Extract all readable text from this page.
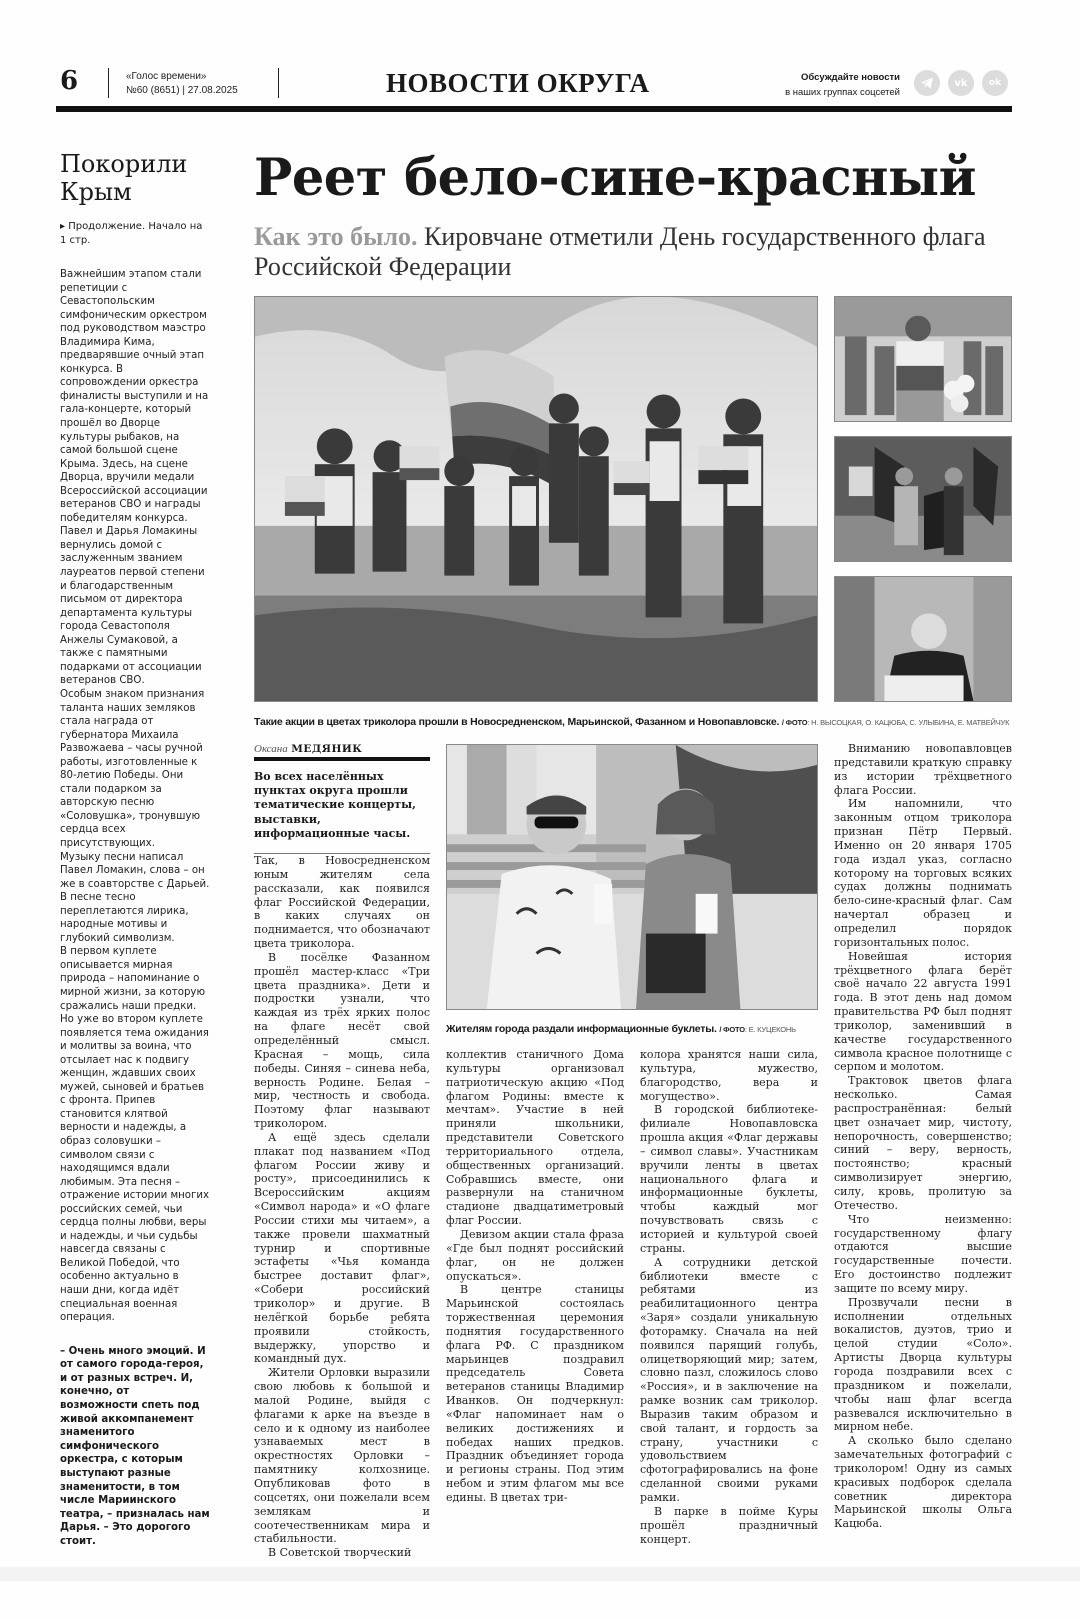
6	«Голос времени»
№60 (8651) | 27.08.2025	НОВОСТИ ОКРУГА	Обсуждайте новости
в наших группах соцсетей
vk	ok
Покорили
Крым
▸ Продолжение. Начало на 1 стр.

Важнейшим этапом стали репетиции с Севастопольским симфоническим оркестром под руководством маэстро Владимира Кима, предварявшие очный этап конкурса. В сопровождении оркестра финалисты выступили и на гала-концерте, который прошёл во Дворце культуры рыбаков, на самой большой сцене Крыма. Здесь, на сцене Дворца, вручили медали Всероссийской ассоциации ветеранов СВО и награды победителям конкурса.

Павел и Дарья Ломакины вернулись домой с заслуженным званием лауреатов первой степени и благодарственным письмом от директора департамента культуры города Севастополя Анжелы Сумаковой, а также с памятными подарками от ассоциации ветеранов СВО.

Особым знаком признания таланта наших земляков стала награда от губернатора Михаила Развожаева – часы ручной работы, изготовленные к 80-летию Победы. Они стали подарком за авторскую песню «Соловушка», тронувшую сердца всех присутствующих.

Музыку песни написал Павел Ломакин, слова – он же в соавторстве с Дарьей. В песне тесно переплетаются лирика, народные мотивы и глубокий символизм.

В первом куплете описывается мирная природа – напоминание о мирной жизни, за которую сражались наши предки. Но уже во втором куплете появляется тема ожидания и молитвы за воина, что отсылает нас к подвигу женщин, ждавших своих мужей, сыновей и братьев с фронта. Припев становится клятвой верности и надежды, а образ соловушки – символом связи с находящимся вдали любимым. Эта песня – отражение истории многих российских семей, чьи сердца полны любви, веры и надежды, и чьи судьбы навсегда связаны с Великой Победой, что особенно актуально в наши дни, когда идёт специальная военная операция.

– Очень много эмоций. И от самого города-героя, и от разных встреч. И, конечно, от возможности спеть под живой аккомпанемент знаменитого симфонического оркестра, с которым выступают разные знаменитости, в том числе Мариинского театра, – призналась нам Дарья. – Это дорогого стоит.
Реет бело-сине-красный
Как это было. Кировчане отметили День государственного флага Российской Федерации
Такие акции в цветах триколора прошли в Новосредненском, Марьинской, Фазанном и Новопавловске. / ФОТО: Н. ВЫСОЦКАЯ, О. КАЦЮБА, С. УЛЫБИНА, Е. МАТВЕЙЧУК
Оксана МЕДЯНИК
Во всех населённых пунктах округа прошли тематические концерты, выставки, информационные часы.

Так, в Новосредненском юным жителям села рассказали, как появился флаг Российской Федерации, в каких случаях он поднимается, что обозначают цвета триколора.

В посёлке Фазанном прошёл мастер-класс «Три цвета праздника». Дети и подростки узнали, что каждая из трёх ярких полос на флаге несёт свой определённый смысл. Красная – мощь, сила победы. Синяя – синева неба, верность Родине. Белая – мир, честность и свобода. Поэтому флаг называют триколором.

А ещё здесь сделали плакат под названием «Под флагом России живу и росту», присоединились к Всероссийским акциям «Символ народа» и «О флаге России стихи мы читаем», а также провели шахматный турнир и спортивные эстафеты «Чья команда быстрее доставит флаг», «Собери российский триколор» и другие. В нелёгкой борьбе ребята проявили стойкость, выдержку, упорство и командный дух.

Жители Орловки выразили свою любовь к большой и малой Родине, выйдя с флагами к арке на въезде в село и к одному из наиболее узнаваемых мест в окрестностях Орловки – памятнику колхознице. Опубликовав фото в соцсетях, они пожелали всем землякам и соотечественникам мира и стабильности.

В Советской творческий

Жителям города раздали информационные буклеты. / ФОТО: Е. КУЦЕКОНЬ

коллектив станичного Дома культуры организовал патриотическую акцию «Под флагом Родины: вместе к мечтам». Участие в ней приняли школьники, представители Советского территориального отдела, общественных организаций. Собравшись вместе, они развернули на станичном стадионе двадцатиметровый флаг России.

Девизом акции стала фраза «Где был поднят российский флаг, он не должен опускаться».

В центре станицы Марьинской состоялась торжественная церемония поднятия государственного флага РФ. С праздником марьинцев поздравил председатель Совета ветеранов станицы Владимир Иванков. Он подчеркнул: «Флаг напоминает нам о великих достижениях и победах наших предков. Праздник объединяет города и регионы страны. Под этим небом и этим флагом мы все едины. В цветах три-

колора хранятся наши сила, культура, мужество, благородство, вера и могущество».

В городской библиотеке-филиале Новопавловска прошла акция «Флаг державы – символ славы». Участникам вручили ленты в цветах национального флага и информационные буклеты, чтобы каждый мог почувствовать связь с историей и культурой своей страны.

А сотрудники детской библиотеки вместе с ребятами из реабилитационного центра «Заря» создали уникальную фоторамку. Сначала на ней появился парящий голубь, олицетворяющий мир; затем, словно пазл, сложилось слово «Россия», и в заключение на рамке возник сам триколор. Выразив таким образом и свой талант, и гордость за страну, участники с удовольствием сфотографировались на фоне сделанной своими руками рамки.

В парке в пойме Куры прошёл праздничный концерт.

Вниманию новопавловцев представили краткую справку из истории трёхцветного флага России.

Им напомнили, что законным отцом триколора признан Пётр Первый. Именно он 20 января 1705 года издал указ, согласно которому на торговых всяких судах должны поднимать бело-сине-красный флаг. Сам начертал образец и определил порядок горизонтальных полос.

Новейшая история трёхцветного флага берёт своё начало 22 августа 1991 года. В этот день над домом правительства РФ был поднят триколор, заменивший в качестве государственного символа красное полотнище с серпом и молотом.

Трактовок цветов флага несколько. Самая распространённая: белый цвет означает мир, чистоту, непорочность, совершенство; синий – веру, верность, постоянство; красный символизирует энергию, силу, кровь, пролитую за Отечество.

Что неизменно: государственному флагу отдаются высшие государственные почести. Его достоинство подлежит защите по всему миру.

Прозвучали песни в исполнении отдельных вокалистов, дуэтов, трио и целой студии «Соло». Артисты Дворца культуры города поздравили всех с праздником и пожелали, чтобы наш флаг всегда развевался исключительно в мирном небе.

А сколько было сделано замечательных фотографий с триколором! Одну из самых красивых подборок сделала советник директора Марьинской школы Ольга Кацюба.
